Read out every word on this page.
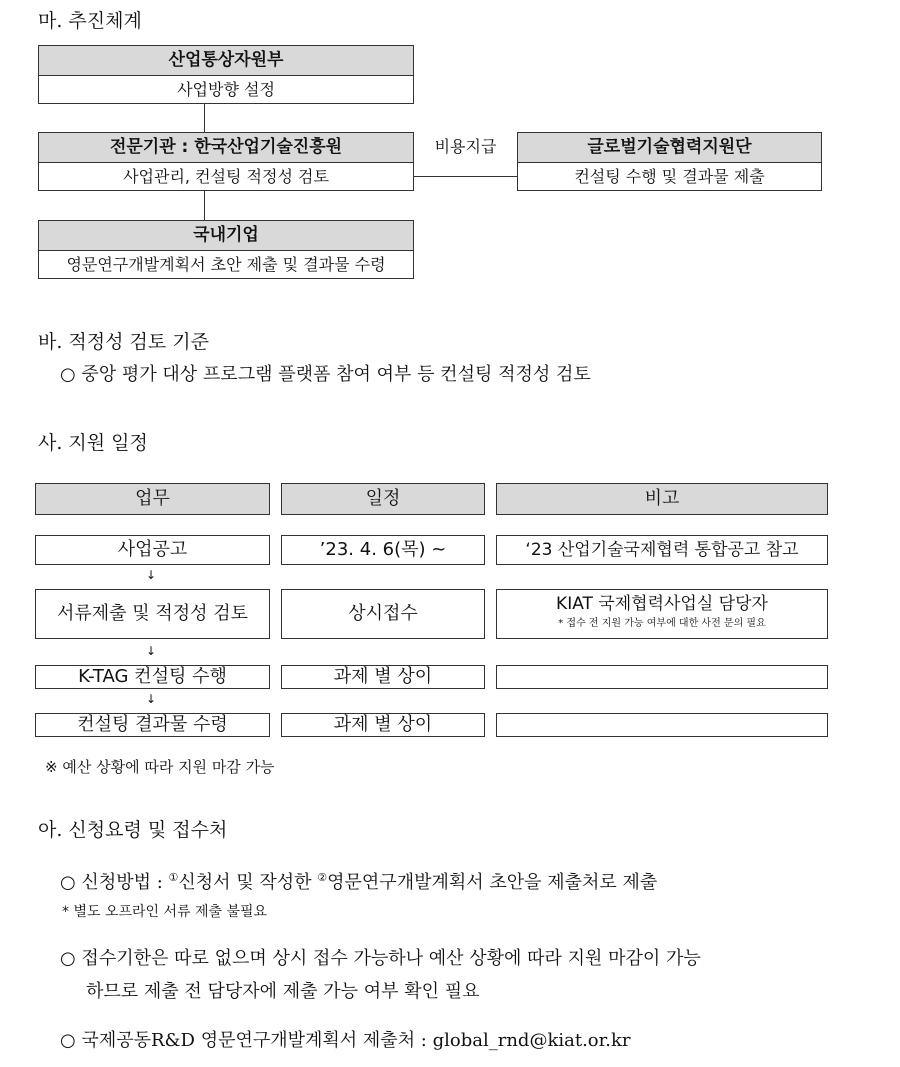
마. 추진체계
산업통상자원부
사업방향 설정
전문기관 : 한국산업기술진흥원
사업관리, 컨설팅 적정성 검토
비용지급	글로벌기술협력지원단
컨설팅 수행 및 결과물 제출
국내기업
영문연구개발계획서 초안 제출 및 결과물 수령
바. 적정성 검토 기준
○ 중앙 평가 대상 프로그램 플랫폼 참여 여부 등 컨설팅 적정성 검토
사. 지원 일정
업무	일정	비고
사업공고	’23. 4. 6(목) ~	‘23 산업기술국제협력 통합공고 참고
↓
서류제출 및 적정성 검토	상시접수	KIAT 국제협력사업실 담당자
* 접수 전 지원 가능 여부에 대한 사전 문의 필요
↓
K-TAG 컨설팅 수행	과제 별 상이
↓
컨설팅 결과물 수령	과제 별 상이
※ 예산 상황에 따라 지원 마감 가능
아. 신청요령 및 접수처
○ 신청방법 : ①신청서 및 작성한 ②영문연구개발계획서 초안을 제출처로 제출
* 별도 오프라인 서류 제출 불필요
○ 접수기한은 따로 없으며 상시 접수 가능하나 예산 상황에 따라 지원 마감이 가능
하므로 제출 전 담당자에 제출 가능 여부 확인 필요
○ 국제공동R&D 영문연구개발계획서 제출처 : global_rnd@kiat.or.kr
